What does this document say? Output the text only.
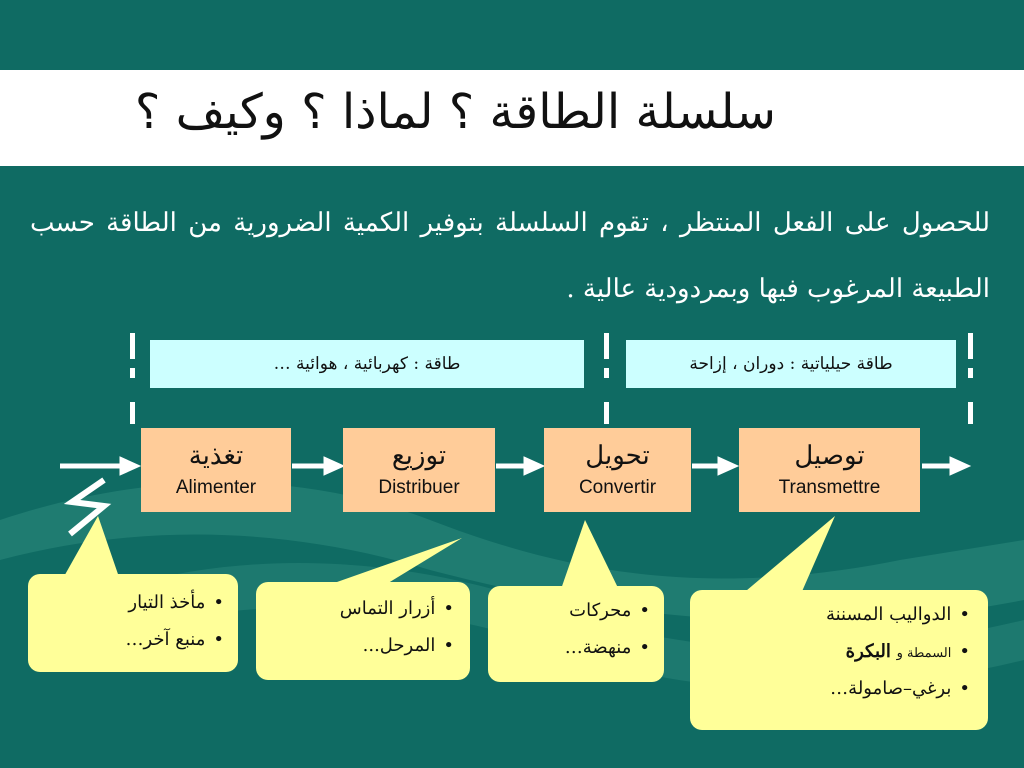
سلسلة الطاقة ؟ لماذا ؟ وكيف ؟
للحصول على الفعل المنتظر ، تقوم السلسلة بتوفير الكمية الضرورية من الطاقة حسب الطبيعة المرغوب فيها وبمردودية عالية .
طاقة : كهربائية ، هوائية …	طاقة حيلياتية : دوران ، إزاحة
تغذية
Alimenter
توزيع
Distribuer
تحويل
Convertir
توصيل
Transmettre
• مأخذ التيار
• منبع آخر…
• أزرار التماس
• المرحل...
• محركات
• منهضة…
• الدواليب المسننة
• السمطة و البكرة
• برغي–صامولة…
